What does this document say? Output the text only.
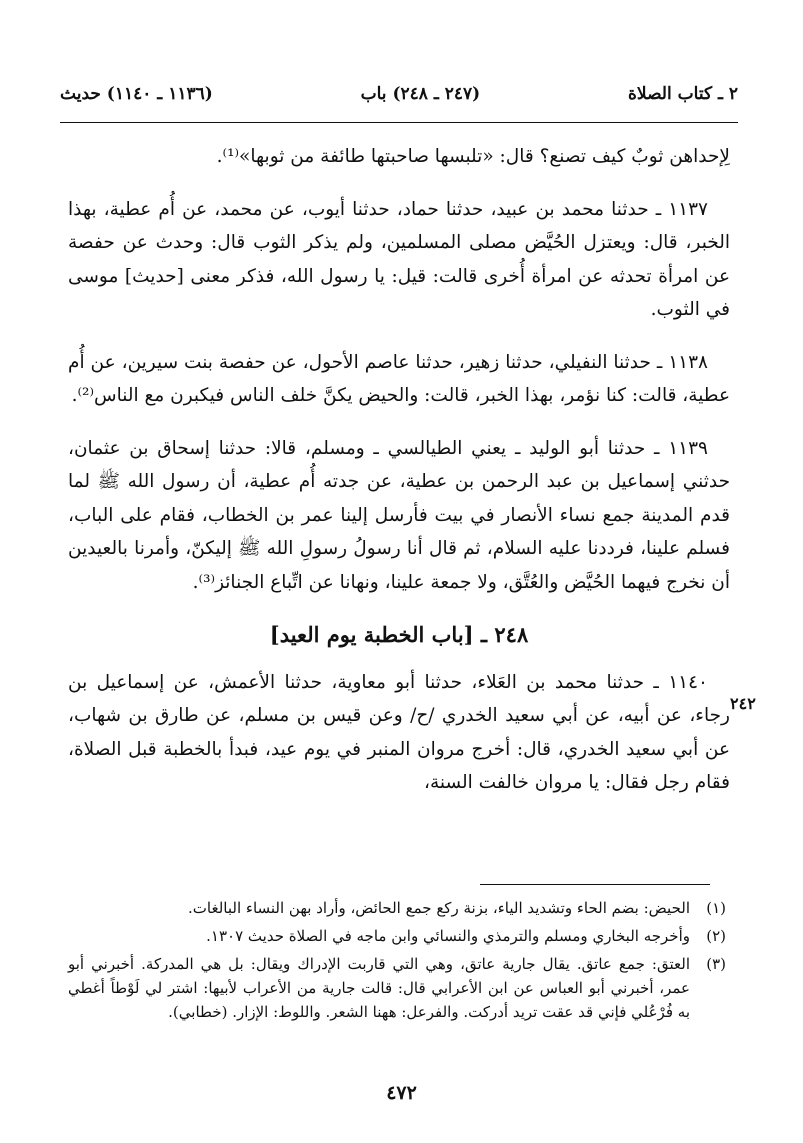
٢ ـ كتاب الصلاة
(٢٤٧ ـ ٢٤٨) باب
(١١٣٦ ـ ١١٤٠) حديث

لِإحداهن ثوبٌ كيف تصنع؟ قال: «تلبسها صاحبتها طائفة من ثوبها»⁽¹⁾.

١١٣٧ ـ حدثنا محمد بن عبيد، حدثنا حماد، حدثنا أيوب، عن محمد، عن أُم عطية، بهذا الخبر، قال: ويعتزل الحُيَّض مصلى المسلمين، ولم يذكر الثوب قال: وحدث عن حفصة عن امرأة تحدثه عن امرأة أُخرى قالت: قيل: يا رسول الله، فذكر معنى [حديث] موسى في الثوب.

١١٣٨ ـ حدثنا النفيلي، حدثنا زهير، حدثنا عاصم الأحول، عن حفصة بنت سيرين، عن أُم عطية، قالت: كنا نؤمر، بهذا الخبر، قالت: والحيض يكنَّ خلف الناس فيكبرن مع الناس⁽²⁾.

١١٣٩ ـ حدثنا أبو الوليد ـ يعني الطيالسي ـ ومسلم، قالا: حدثنا إسحاق بن عثمان، حدثني إسماعيل بن عبد الرحمن بن عطية، عن جدته أُم عطية، أن رسول الله ﷺ لما قدم المدينة جمع نساء الأنصار في بيت فأرسل إلينا عمر بن الخطاب، فقام على الباب، فسلم علينا، فرددنا عليه السلام، ثم قال أنا رسولُ رسولِ الله ﷺ إليكنّ، وأمرنا بالعيدين أن نخرج فيهما الحُيَّض والعُتَّق، ولا جمعة علينا، ونهانا عن اتِّباع الجنائز⁽³⁾.

٢٤٨ ـ [باب الخطبة يوم العيد]

١١٤٠ ـ حدثنا محمد بن العَلاء، حدثنا أبو معاوية، حدثنا الأعمش، عن إسماعيل بن رجاء، عن أبيه، عن أبي سعيد الخدري /ح/ وعن قيس بن مسلم، عن طارق بن شهاب، عن أبي سعيد الخدري، قال: أخرج مروان المنبر في يوم عيد، فبدأ بالخطبة قبل الصلاة، فقام رجل فقال: يا مروان خالفت السنة،

٢٤٢
(١)
الحيض: بضم الحاء وتشديد الياء، بزنة ركع جمع الحائض، وأراد بهن النساء البالغات.
(٢)
وأخرجه البخاري ومسلم والترمذي والنسائي وابن ماجه في الصلاة حديث ١٣٠٧.
(٣)
العتق: جمع عاتق. يقال جارية عاتق، وهي التي قاربت الإدراك ويقال: بل هي المدركة. أخبرني أبو عمر، أخبرني أبو العباس عن ابن الأعرابي قال: قالت جارية من الأعراب لأبيها: اشتر لي لَوْطاً أغطي به فُرْعُلي فإني قد عقت تريد أدركت. والفرعل: ههنا الشعر. واللوط: الإزار. (خطابي).
٤٧٢
